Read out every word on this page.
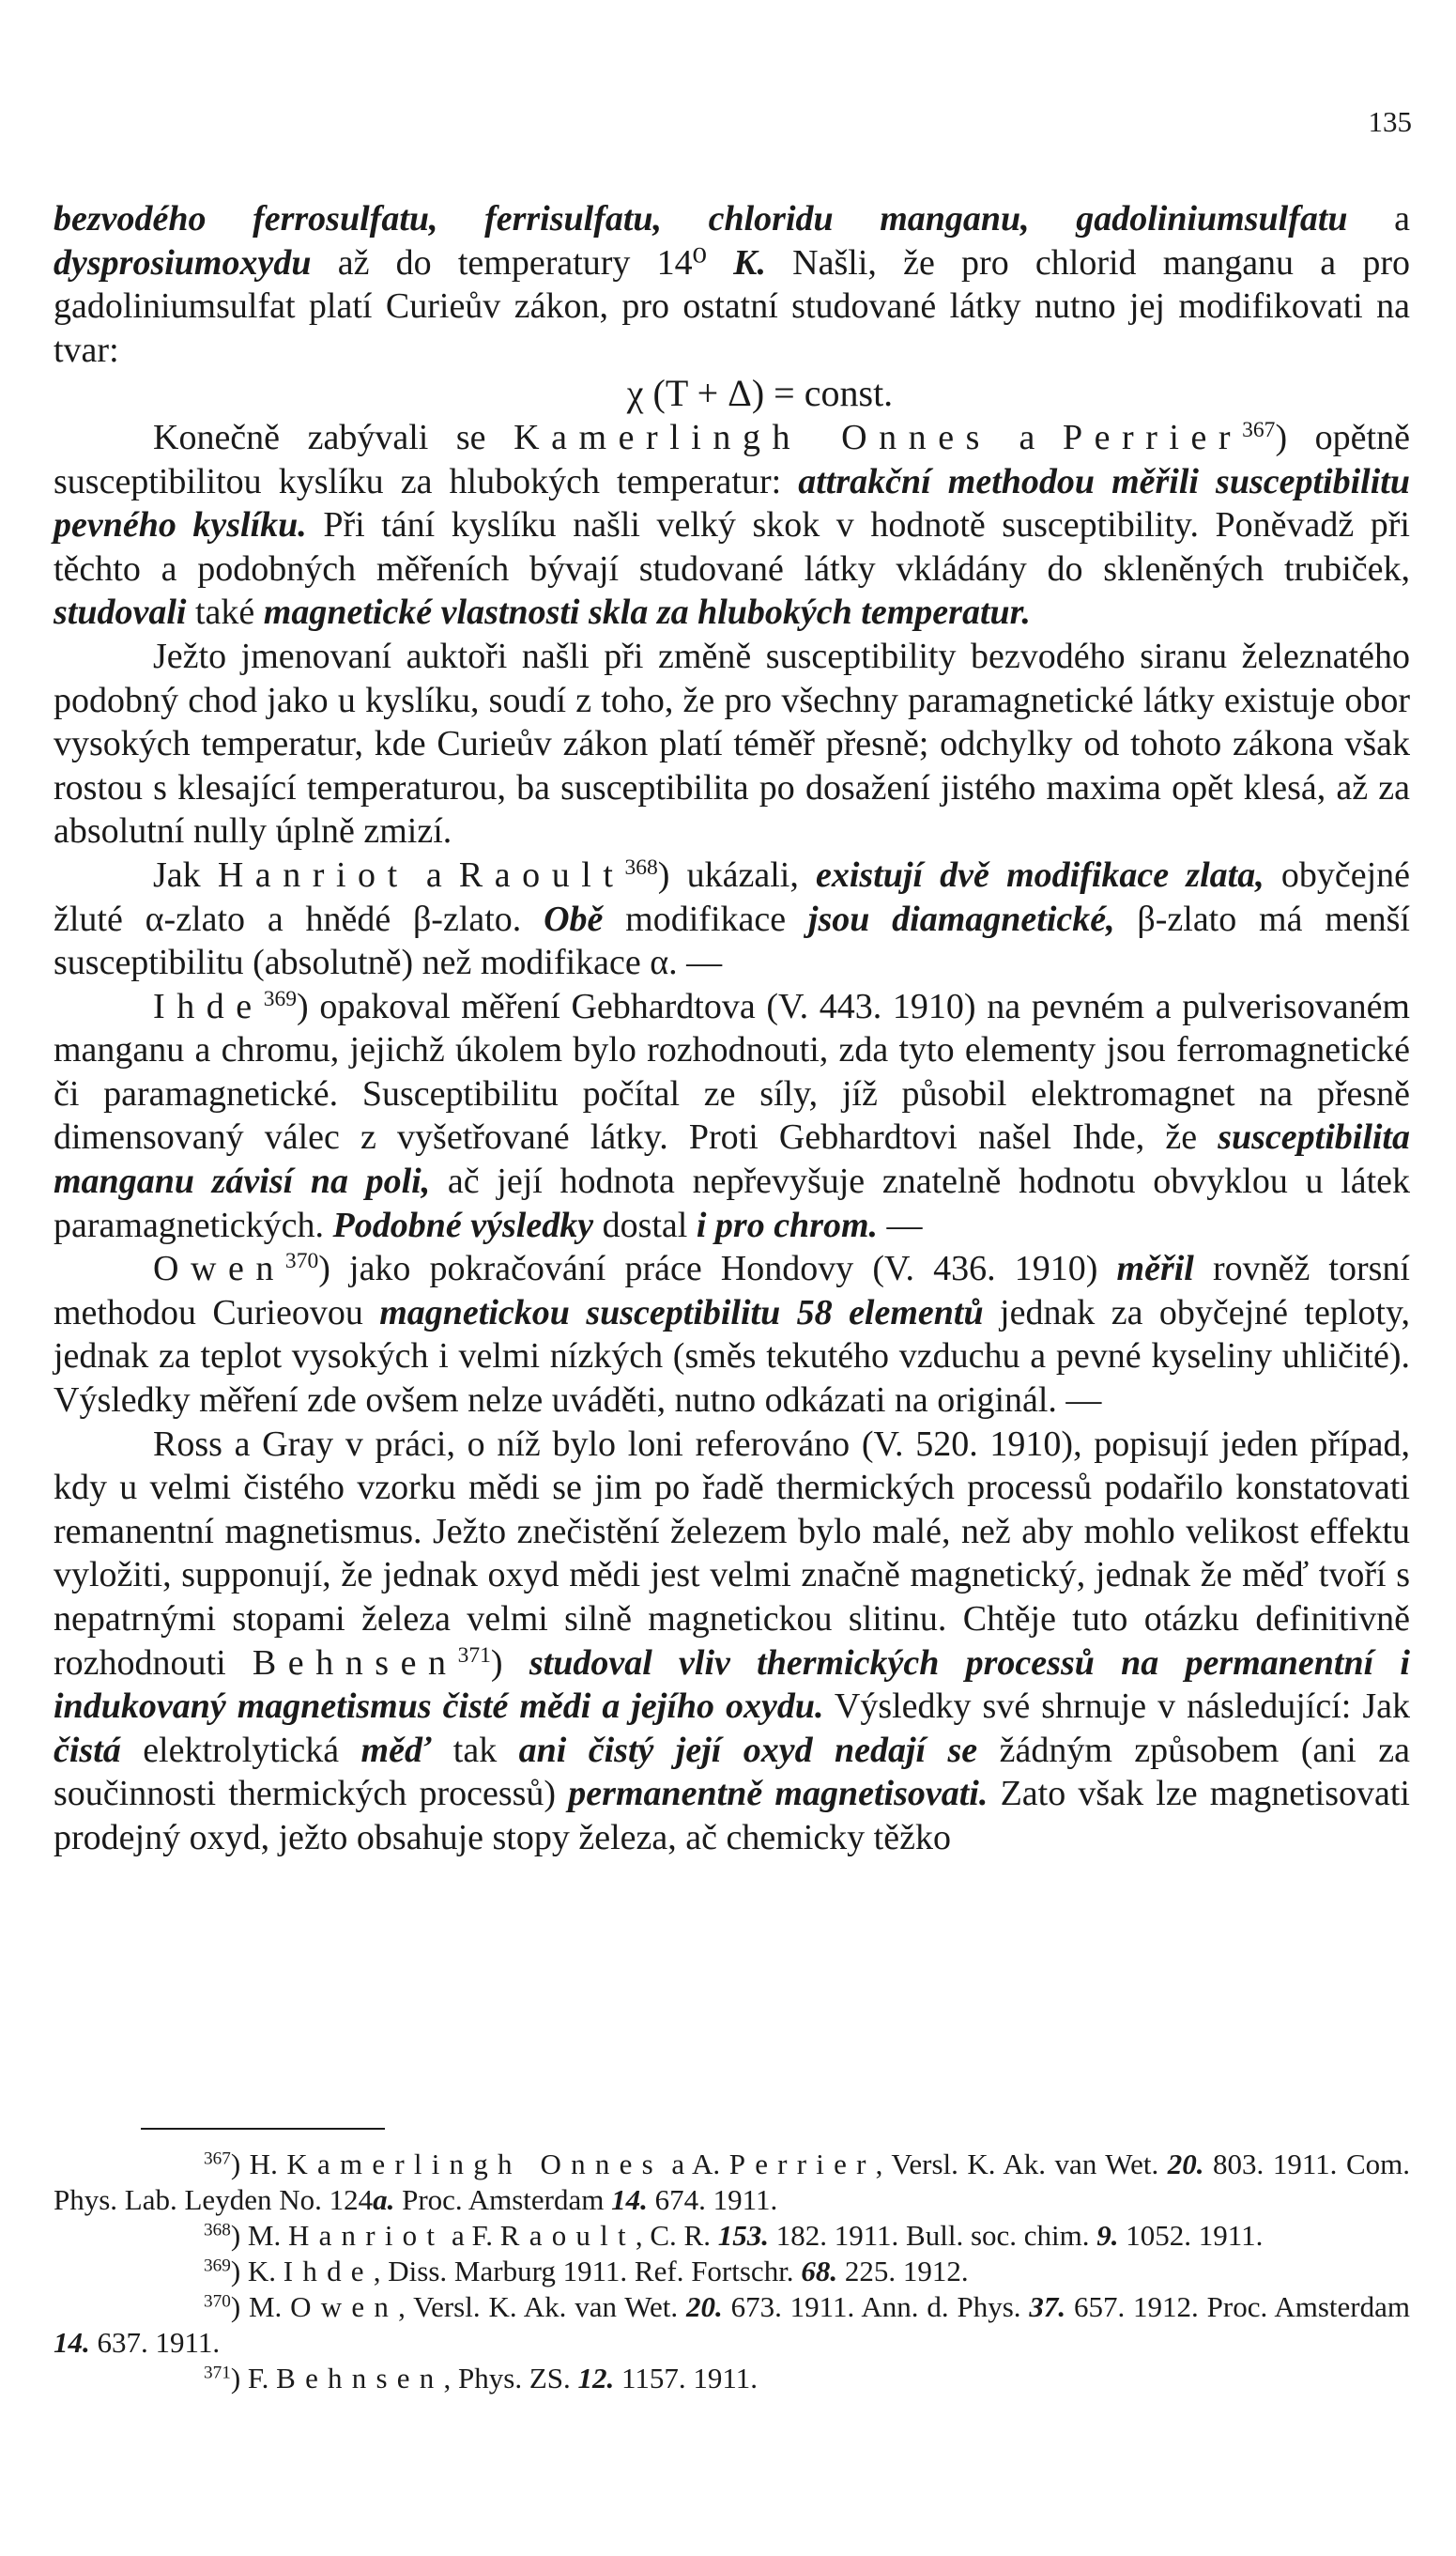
135

bezvodého ferrosulfatu, ferrisulfatu, chloridu manganu, gadoliniumsulfatu a dysprosiumoxydu až do temperatury 14⁰ K. Našli, že pro chlorid manganu a pro gadoliniumsulfat platí Curieův zákon, pro ostatní studované látky nutno jej modifikovati na tvar:

χ (T + Δ) = const.

Konečně zabývali se Kamerlingh Onnes a Perrier$^{367}$) opětně susceptibilitou kyslíku za hlubokých temperatur: attrakční methodou měřili susceptibilitu pevného kyslíku. Při tání kyslíku našli velký skok v hodnotě susceptibility. Poněvadž při těchto a podobných měřeních bývají studované látky vkládány do skleněných trubiček, studovali také magnetické vlastnosti skla za hlubokých temperatur.

Ježto jmenovaní auktoři našli při změně susceptibility bezvodého siranu železnatého podobný chod jako u kyslíku, soudí z toho, že pro všechny paramagnetické látky existuje obor vysokých temperatur, kde Curieův zákon platí téměř přesně; odchylky od tohoto zákona však rostou s klesající temperaturou, ba susceptibilita po dosažení jistého maxima opět klesá, až za absolutní nully úplně zmizí.

Jak Hanriot a Raoult$^{368}$) ukázali, existují dvě modifikace zlata, obyčejné žluté α-zlato a hnědé β-zlato. Obě modifikace jsou diamagnetické, β-zlato má menší susceptibilitu (absolutně) než modifikace α. —

Ihde$^{369}$) opakoval měření Gebhardtova (V. 443. 1910) na pevném a pulverisovaném manganu a chromu, jejichž úkolem bylo rozhodnouti, zda tyto elementy jsou ferromagnetické či paramagnetické. Susceptibilitu počítal ze síly, jíž působil elektromagnet na přesně dimensovaný válec z vyšetřované látky. Proti Gebhardtovi našel Ihde, že susceptibilita manganu závisí na poli, ač její hodnota nepřevyšuje znatelně hodnotu obvyklou u látek paramagnetických. Podobné výsledky dostal i pro chrom. —

Owen$^{370}$) jako pokračování práce Hondovy (V. 436. 1910) měřil rovněž torsní methodou Curieovou magnetickou susceptibilitu 58 elementů jednak za obyčejné teploty, jednak za teplot vysokých i velmi nízkých (směs tekutého vzduchu a pevné kyseliny uhličité). Výsledky měření zde ovšem nelze uváděti, nutno odkázati na originál. —

Ross a Gray v práci, o níž bylo loni referováno (V. 520. 1910), popisují jeden případ, kdy u velmi čistého vzorku mědi se jim po řadě thermických processů podařilo konstatovati remanentní magnetismus. Ježto znečistění železem bylo malé, než aby mohlo velikost effektu vyložiti, supponují, že jednak oxyd mědi jest velmi značně magnetický, jednak že měď tvoří s nepatrnými stopami železa velmi silně magnetickou slitinu. Chtěje tuto otázku definitivně rozhodnouti Behnsen$^{371}$) studoval vliv thermických processů na permanentní i indukovaný magnetismus čisté mědi a jejího oxydu. Výsledky své shrnuje v následující: Jak čistá elektrolytická měď tak ani čistý její oxyd nedají se žádným způsobem (ani za součinnosti thermických processů) permanentně magnetisovati. Zato však lze magnetisovati prodejný oxyd, ježto obsahuje stopy železa, ač chemicky těžko

$^{367}$) H. Kamerlingh Onnes a A. Perrier, Versl. K. Ak. van Wet. 20. 803. 1911. Com. Phys. Lab. Leyden No. 124a. Proc. Amsterdam 14. 674. 1911.

$^{368}$) M. Hanriot a F. Raoult, C. R. 153. 182. 1911. Bull. soc. chim. 9. 1052. 1911.

$^{369}$) K. Ihde, Diss. Marburg 1911. Ref. Fortschr. 68. 225. 1912.

$^{370}$) M. Owen, Versl. K. Ak. van Wet. 20. 673. 1911. Ann. d. Phys. 37. 657. 1912. Proc. Amsterdam 14. 637. 1911.

$^{371}$) F. Behnsen, Phys. ZS. 12. 1157. 1911.
